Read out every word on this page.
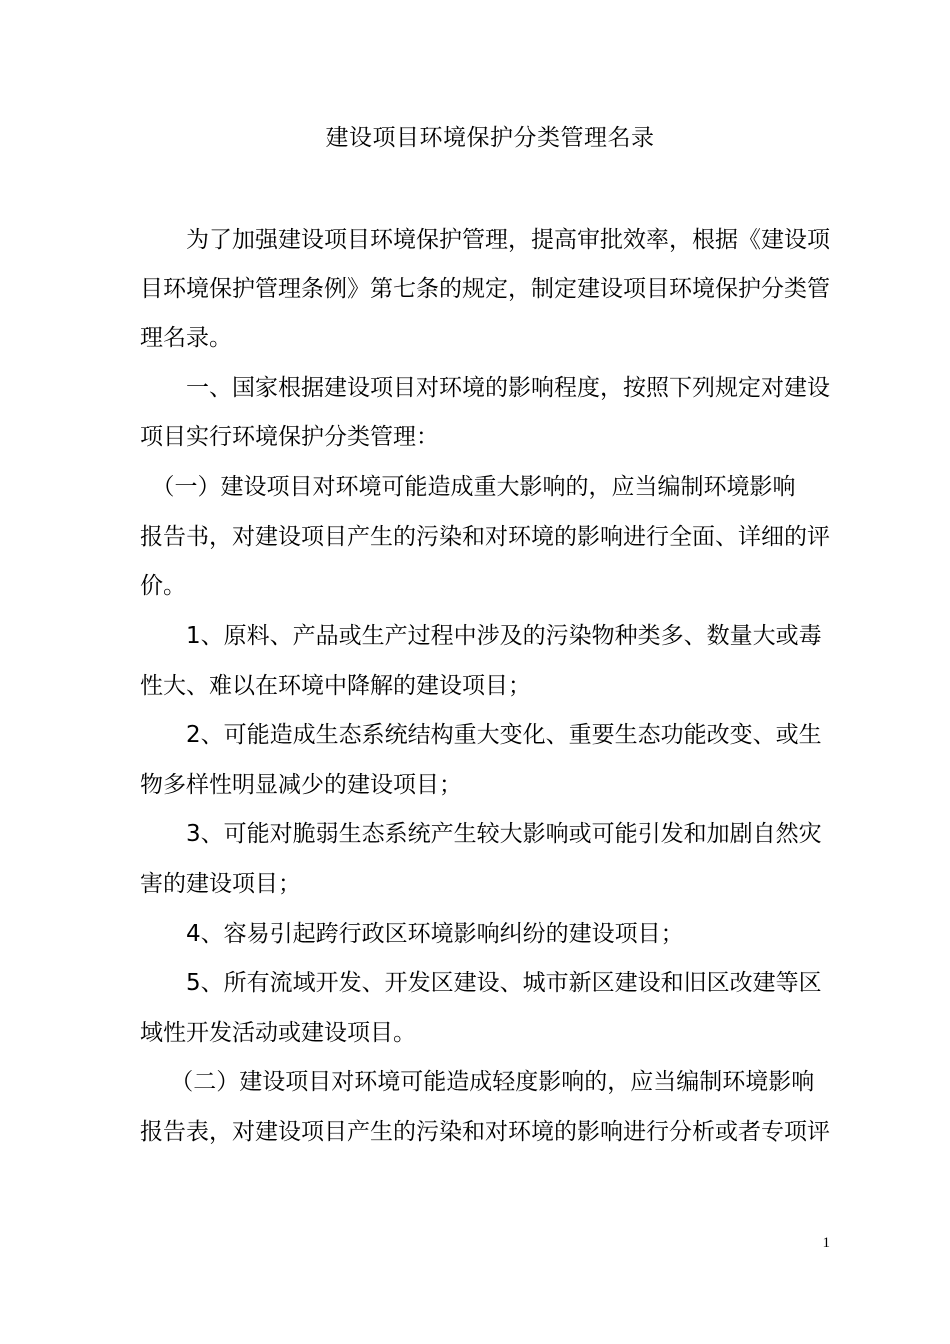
建设项目环境保护分类管理名录
　　为了加强建设项目环境保护管理，提高审批效率，根据《建设项
目环境保护管理条例》第七条的规定，制定建设项目环境保护分类管
理名录。
　　一、国家根据建设项目对环境的影响程度，按照下列规定对建设
项目实行环境保护分类管理：
　（一）建设项目对环境可能造成重大影响的，应当编制环境影响
报告书，对建设项目产生的污染和对环境的影响进行全面、详细的评
价。
　　1、原料、产品或生产过程中涉及的污染物种类多、数量大或毒
性大、难以在环境中降解的建设项目；
　　2、可能造成生态系统结构重大变化、重要生态功能改变、或生
物多样性明显减少的建设项目；
　　3、可能对脆弱生态系统产生较大影响或可能引发和加剧自然灾
害的建设项目；
　　4、容易引起跨行政区环境影响纠纷的建设项目；
　　5、所有流域开发、开发区建设、城市新区建设和旧区改建等区
域性开发活动或建设项目。
　 （二）建设项目对环境可能造成轻度影响的，应当编制环境影响
报告表，对建设项目产生的污染和对环境的影响进行分析或者专项评
1
